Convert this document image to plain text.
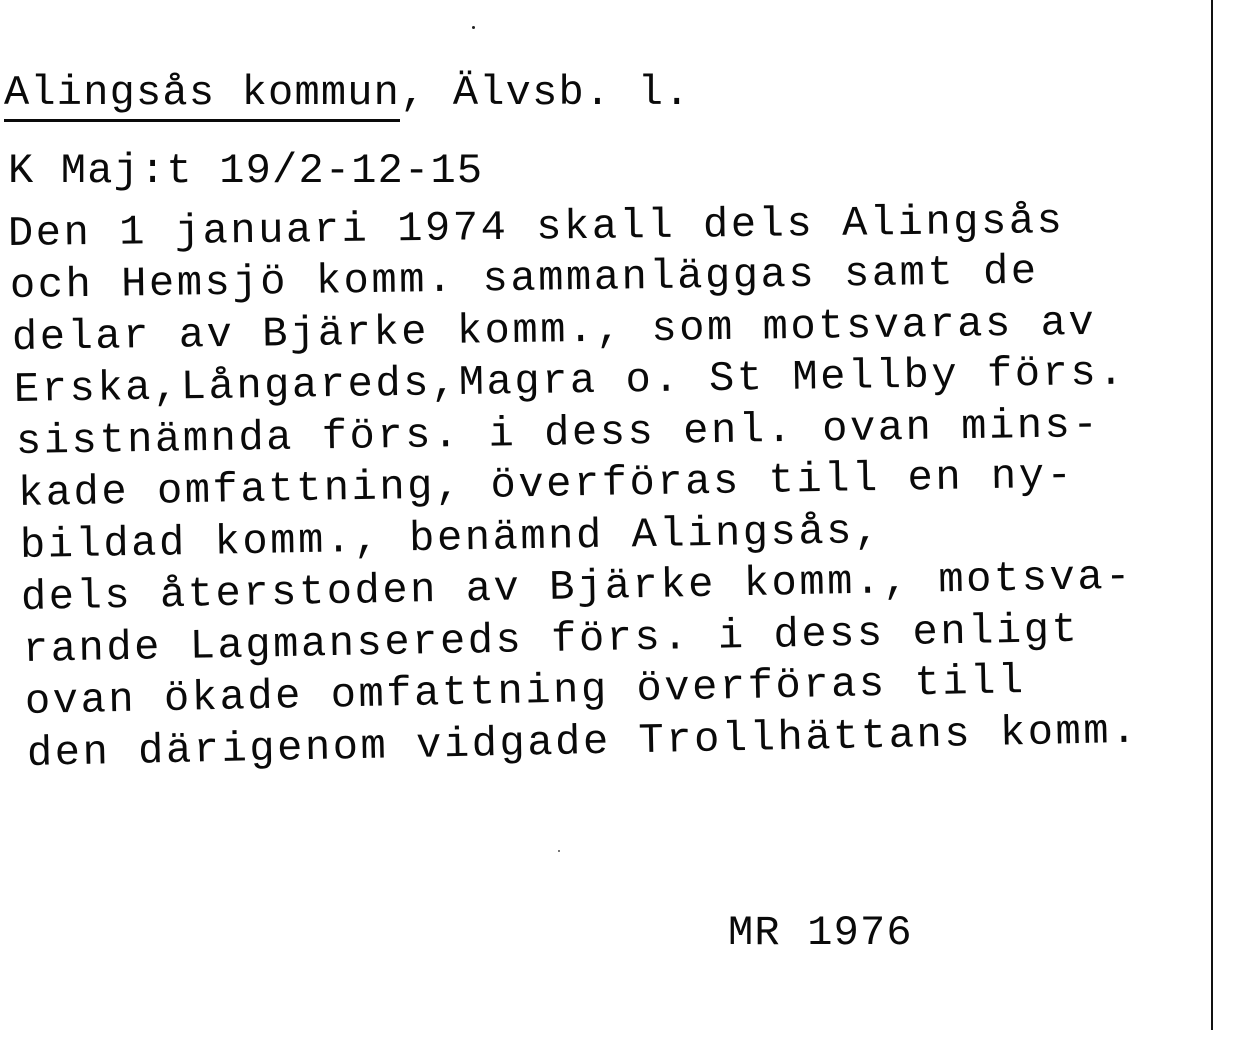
Alingsås kommun, Älvsb. l.
K Maj:t 19/2-12-15
Den 1 januari 1974 skall dels Alingsås
och Hemsjö komm. sammanläggas samt de
delar av Bjärke komm., som motsvaras av
Erska,Långareds,Magra o. St Mellby förs.
sistnämnda förs. i dess enl. ovan mins-
kade omfattning, överföras till en ny-
bildad komm., benämnd Alingsås,
dels återstoden av Bjärke komm., motsva-
rande Lagmansereds förs. i dess enligt
ovan ökade omfattning överföras till
den därigenom vidgade Trollhättans komm.
MR 1976
